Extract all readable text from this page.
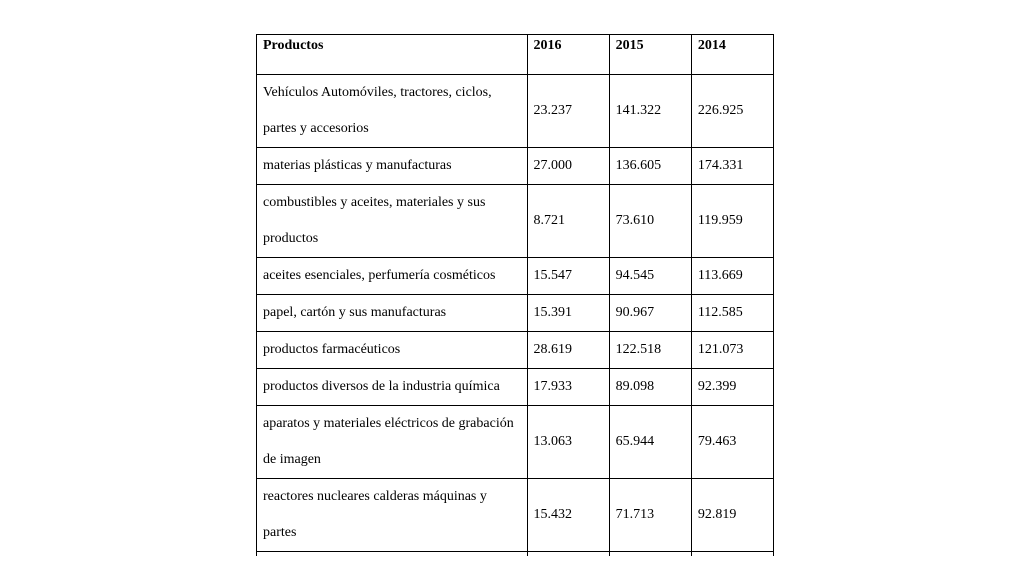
Productos	2016	2015	2014
Vehículos Automóviles, tractores, ciclos, partes y accesorios	23.237	141.322	226.925
materias plásticas y manufacturas	27.000	136.605	174.331
combustibles y aceites, materiales y sus productos	8.721	73.610	119.959
aceites esenciales, perfumería cosméticos	15.547	94.545	113.669
papel, cartón y sus manufacturas	15.391	90.967	112.585
productos farmacéuticos	28.619	122.518	121.073
productos diversos de la industria química	17.933	89.098	92.399
aparatos y materiales eléctricos de grabación de imagen	13.063	65.944	79.463
reactores nucleares calderas máquinas y partes	15.432	71.713	92.819
